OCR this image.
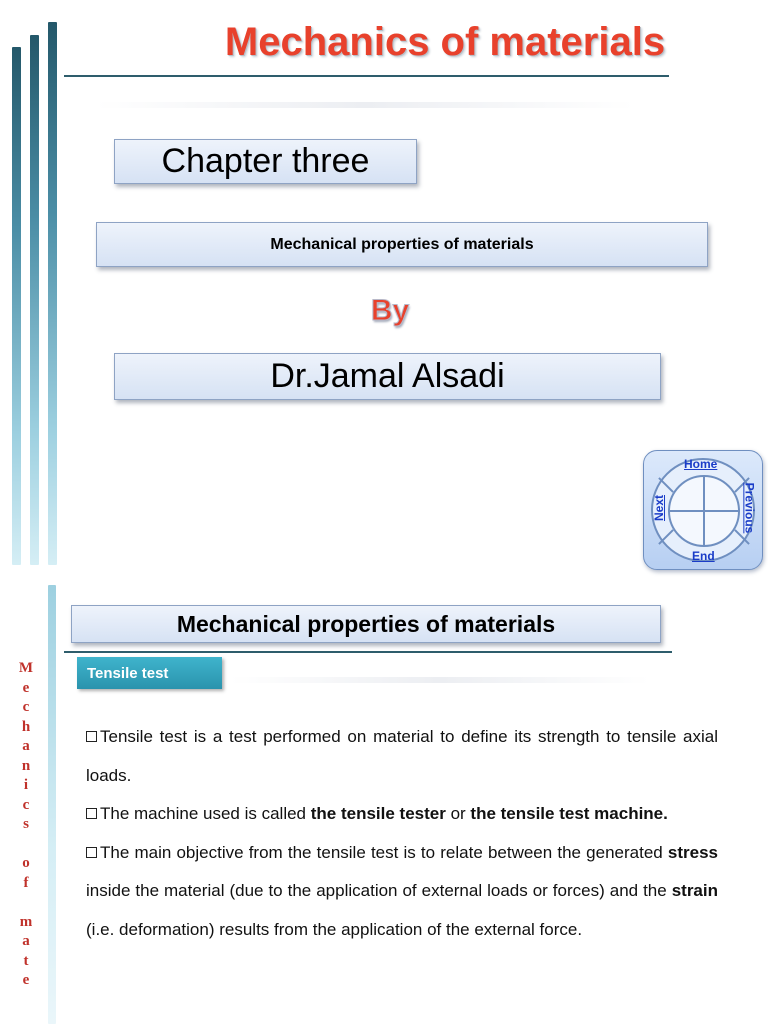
Mechanics of materials
Chapter three
Mechanical properties of materials
By
Dr.Jamal Alsadi
Home
Next	Previous
End
M
e
c
h
a
n
i
c
s
o
f
m
a
t
e
Mechanical properties of materials
Tensile test

Tensile test is a test performed on material to define its strength to tensile axial loads.

The machine used is called the tensile tester or the tensile test machine.

The main objective from the tensile test is to relate between the generated stress inside the material (due to the application of external loads or forces) and the strain (i.e. deformation) results from the application of the external force.
